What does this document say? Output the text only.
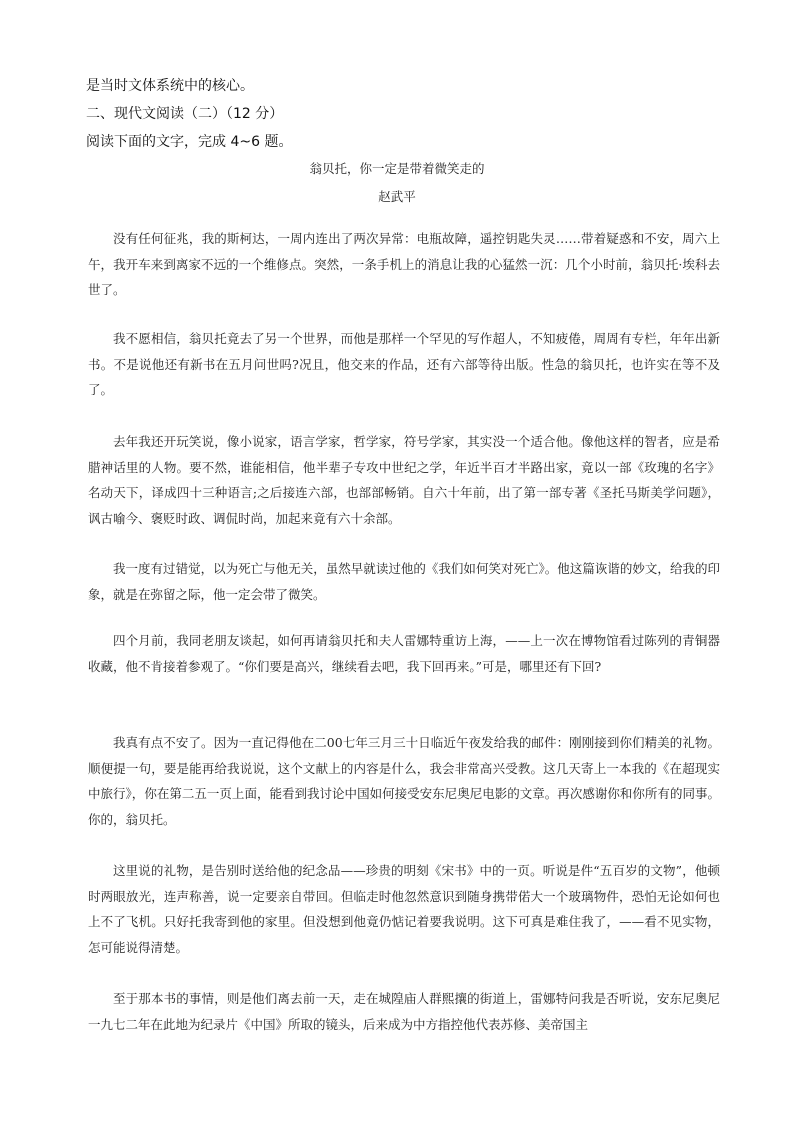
是当时文体系统中的核心。
二、现代文阅读（二）（12 分）
阅读下面的文字，完成 4~6 题。
翁贝托，你一定是带着微笑走的
赵武平

没有任何征兆，我的斯柯达，一周内连出了两次异常：电瓶故障，遥控钥匙失灵……带着疑惑和不安，周六上午，我开车来到离家不远的一个维修点。突然，一条手机上的消息让我的心猛然一沉：几个小时前，翁贝托·埃科去世了。

我不愿相信，翁贝托竟去了另一个世界，而他是那样一个罕见的写作超人，不知疲倦，周周有专栏，年年出新书。不是说他还有新书在五月问世吗?况且，他交来的作品，还有六部等待出版。性急的翁贝托，也许实在等不及了。

去年我还开玩笑说，像小说家，语言学家，哲学家，符号学家，其实没一个适合他。像他这样的智者，应是希腊神话里的人物。要不然，谁能相信，他半辈子专攻中世纪之学，年近半百才半路出家，竟以一部《玫瑰的名字》名动天下，译成四十三种语言;之后接连六部，也部部畅销。自六十年前，出了第一部专著《圣托马斯美学问题》，讽古喻今、褒贬时政、调侃时尚，加起来竟有六十余部。

我一度有过错觉，以为死亡与他无关，虽然早就读过他的《我们如何笑对死亡》。他这篇诙谐的妙文，给我的印象，就是在弥留之际，他一定会带了微笑。

四个月前，我同老朋友谈起，如何再请翁贝托和夫人雷娜特重访上海，——上一次在博物馆看过陈列的青铜器收藏，他不肯接着参观了。“你们要是高兴，继续看去吧，我下回再来。”可是，哪里还有下回?

我真有点不安了。因为一直记得他在二00七年三月三十日临近午夜发给我的邮件：刚刚接到你们精美的礼物。顺便提一句，要是能再给我说说，这个文献上的内容是什么，我会非常高兴受教。这几天寄上一本我的《在超现实中旅行》，你在第二五一页上面，能看到我讨论中国如何接受安东尼奥尼电影的文章。再次感谢你和你所有的同事。你的，翁贝托。

这里说的礼物，是告别时送给他的纪念品——珍贵的明刻《宋书》中的一页。听说是件“五百岁的文物”，他顿时两眼放光，连声称善，说一定要亲自带回。但临走时他忽然意识到随身携带偌大一个玻璃物件，恐怕无论如何也上不了飞机。只好托我寄到他的家里。但没想到他竟仍惦记着要我说明。这下可真是难住我了，——看不见实物，怎可能说得清楚。

至于那本书的事情，则是他们离去前一天，走在城隍庙人群熙攘的街道上，雷娜特问我是否听说，安东尼奥尼一九七二年在此地为纪录片《中国》所取的镜头，后来成为中方指控他代表苏修、美帝国主
